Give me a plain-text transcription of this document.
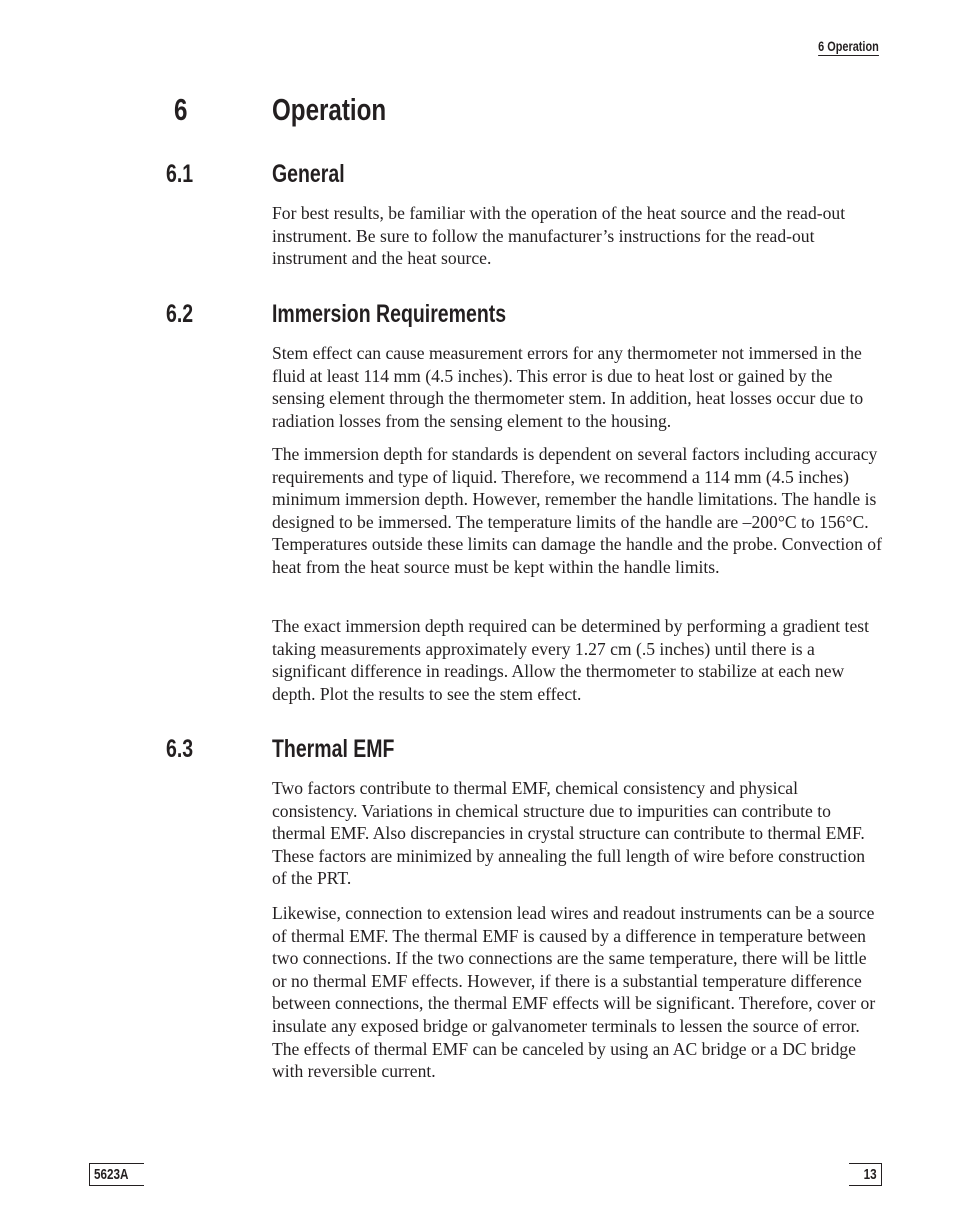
6 Operation
6	Operation
6.1	General

For best results, be familiar with the operation of the heat source and the read-out instrument. Be sure to follow the manufacturer’s instructions for the read-out instrument and the heat source.

6.2	Immersion Requirements

Stem effect can cause measurement errors for any thermometer not immersed in the fluid at least 114 mm (4.5 inches). This error is due to heat lost or gained by the sensing element through the thermometer stem. In addition, heat losses occur due to radiation losses from the sensing element to the housing.

The immersion depth for standards is dependent on several factors including accuracy requirements and type of liquid. Therefore, we recommend a 114 mm (4.5 inches) minimum immersion depth. However, remember the handle limitations. The handle is designed to be immersed. The temperature limits of the handle are –200°C to 156°C. Temperatures outside these limits can damage the handle and the probe. Convection of heat from the heat source must be kept within the handle limits.

The exact immersion depth required can be determined by performing a gradient test taking measurements approximately every 1.27 cm (.5 inches) until there is a significant difference in readings. Allow the thermometer to stabilize at each new depth. Plot the results to see the stem effect.

6.3	Thermal EMF

Two factors contribute to thermal EMF, chemical consistency and physical consistency. Variations in chemical structure due to impurities can contribute to thermal EMF. Also discrepancies in crystal structure can contribute to thermal EMF. These factors are minimized by annealing the full length of wire before construction of the PRT.

Likewise, connection to extension lead wires and readout instruments can be a source of thermal EMF. The thermal EMF is caused by a difference in temperature between two connections. If the two connections are the same temperature, there will be little or no thermal EMF effects. However, if there is a substantial temperature difference between connections, the thermal EMF effects will be significant. Therefore, cover or insulate any exposed bridge or galvanometer terminals to lessen the source of error. The effects of thermal EMF can be canceled by using an AC bridge or a DC bridge with reversible current.

5623A	13
